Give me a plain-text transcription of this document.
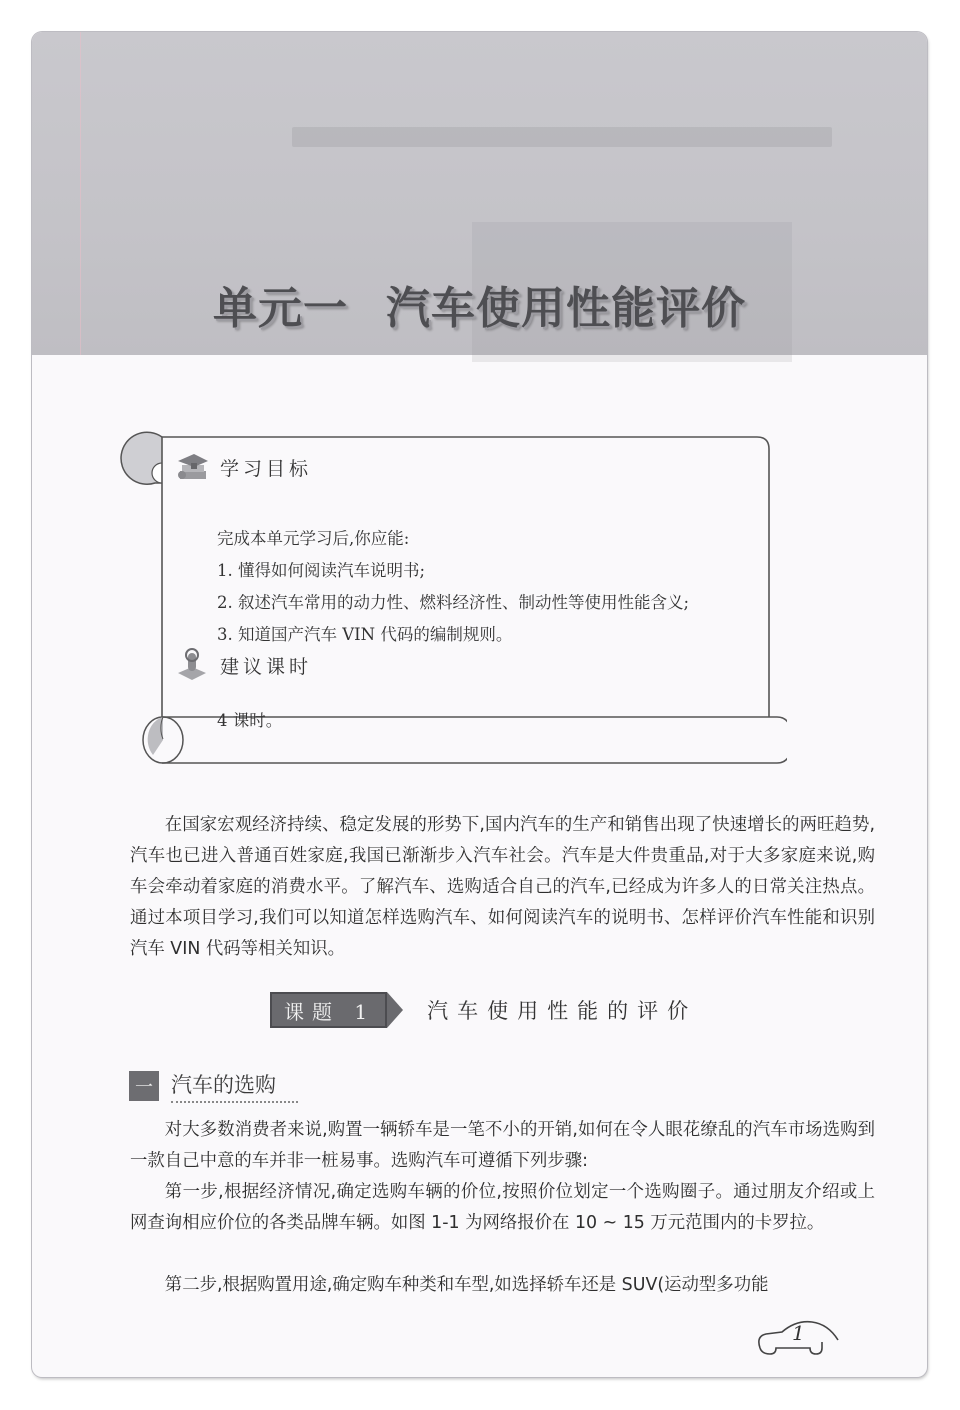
单元一 汽车使用性能评价
学习目标
完成本单元学习后,你应能:
1. 懂得如何阅读汽车说明书;
2. 叙述汽车常用的动力性、燃料经济性、制动性等使用性能含义;
3. 知道国产汽车 VIN 代码的编制规则。
建议课时
4 课时。
在国家宏观经济持续、稳定发展的形势下,国内汽车的生产和销售出现了快速增长的两旺趋势,汽车也已进入普通百姓家庭,我国已渐渐步入汽车社会。汽车是大件贵重品,对于大多家庭来说,购车会牵动着家庭的消费水平。了解汽车、选购适合自己的汽车,已经成为许多人的日常关注热点。通过本项目学习,我们可以知道怎样选购汽车、如何阅读汽车的说明书、怎样评价汽车性能和识别汽车 VIN 代码等相关知识。
课题 1	汽车使用性能的评价
一 汽车的选购
对大多数消费者来说,购置一辆轿车是一笔不小的开销,如何在令人眼花缭乱的汽车市场选购到一款自己中意的车并非一桩易事。选购汽车可遵循下列步骤:
第一步,根据经济情况,确定选购车辆的价位,按照价位划定一个选购圈子。通过朋友介绍或上网查询相应价位的各类品牌车辆。如图 1-1 为网络报价在 10 ~ 15 万元范围内的卡罗拉。
第二步,根据购置用途,确定购车种类和车型,如选择轿车还是 SUV(运动型多功能
1
